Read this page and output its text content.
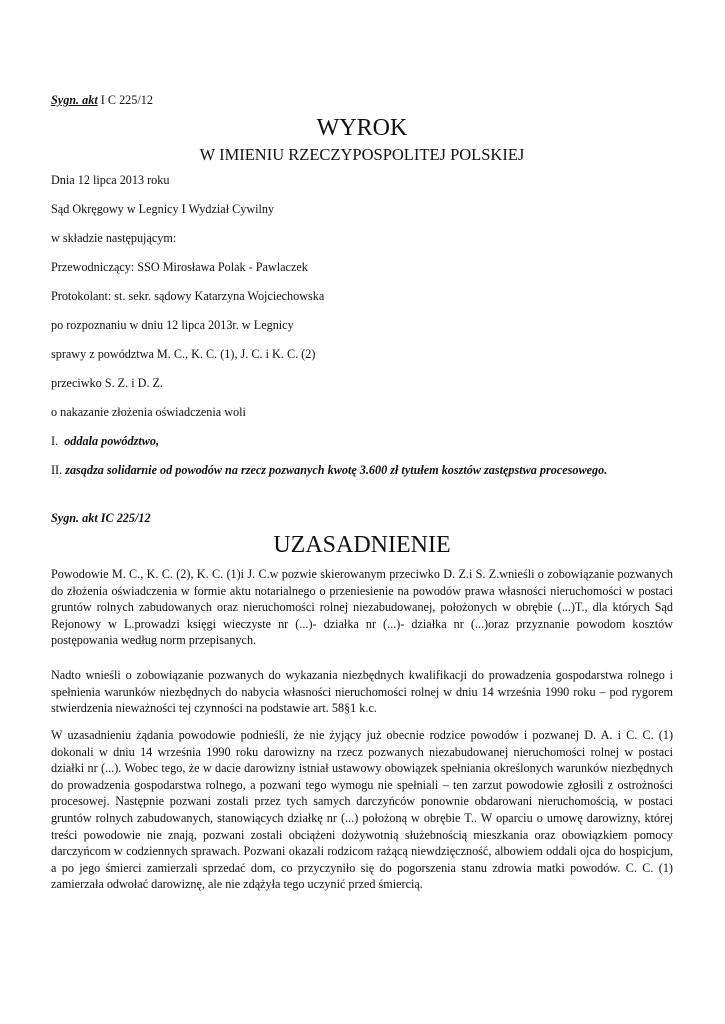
Sygn. akt I C 225/12
WYROK
W IMIENIU RZECZYPOSPOLITEJ POLSKIEJ
Dnia 12 lipca 2013 roku
Sąd Okręgowy w Legnicy I Wydział Cywilny
w składzie następującym:
Przewodniczący: SSO Mirosława Polak - Pawlaczek
Protokolant: st. sekr. sądowy Katarzyna Wojciechowska
po rozpoznaniu w dniu 12 lipca 2013r. w Legnicy
sprawy z powództwa M. C., K. C. (1), J. C. i K. C. (2)
przeciwko S. Z. i D. Z.
o nakazanie złożenia oświadczenia woli
I. oddala powództwo,
II. zasądza solidarnie od powodów na rzecz pozwanych kwotę 3.600 zł tytułem kosztów zastępstwa procesowego.
Sygn. akt IC 225/12
UZASADNIENIE
Powodowie M. C., K. C. (2), K. C. (1)i J. C.w pozwie skierowanym przeciwko D. Z.i S. Z.wnieśli o zobowiązanie pozwanych do złożenia oświadczenia w formie aktu notarialnego o przeniesienie na powodów prawa własności nieruchomości w postaci gruntów rolnych zabudowanych oraz nieruchomości rolnej niezabudowanej, położonych w obrębie (...)T., dla których Sąd Rejonowy w L.prowadzi księgi wieczyste nr (...)- działka nr (...)- działka nr (...)oraz przyznanie powodom kosztów postępowania według norm przepisanych.
Nadto wnieśli o zobowiązanie pozwanych do wykazania niezbędnych kwalifikacji do prowadzenia gospodarstwa rolnego i spełnienia warunków niezbędnych do nabycia własności nieruchomości rolnej w dniu 14 września 1990 roku – pod rygorem stwierdzenia nieważności tej czynności na podstawie art. 58§1 k.c.
W uzasadnieniu żądania powodowie podnieśli, że nie żyjący już obecnie rodzice powodów i pozwanej D. A. i C. C. (1) dokonali w dniu 14 września 1990 roku darowizny na rzecz pozwanych niezabudowanej nieruchomości rolnej w postaci działki nr (...). Wobec tego, że w dacie darowizny istniał ustawowy obowiązek spełniania określonych warunków niezbędnych do prowadzenia gospodarstwa rolnego, a pozwani tego wymogu nie spełniali – ten zarzut powodowie zgłosili z ostrożności procesowej. Następnie pozwani zostali przez tych samych darczyńców ponownie obdarowani nieruchomością, w postaci gruntów rolnych zabudowanych, stanowiących działkę nr (...) położoną w obrębie T.. W oparciu o umowę darowizny, której treści powodowie nie znają, pozwani zostali obciążeni dożywotnią służebnością mieszkania oraz obowiązkiem pomocy darczyńcom w codziennych sprawach. Pozwani okazali rodzicom rażącą niewdzięczność, albowiem oddali ojca do hospicjum, a po jego śmierci zamierzali sprzedać dom, co przyczyniło się do pogorszenia stanu zdrowia matki powodów. C. C. (1) zamierzała odwołać darowiznę, ale nie zdążyła tego uczynić przed śmiercią.
